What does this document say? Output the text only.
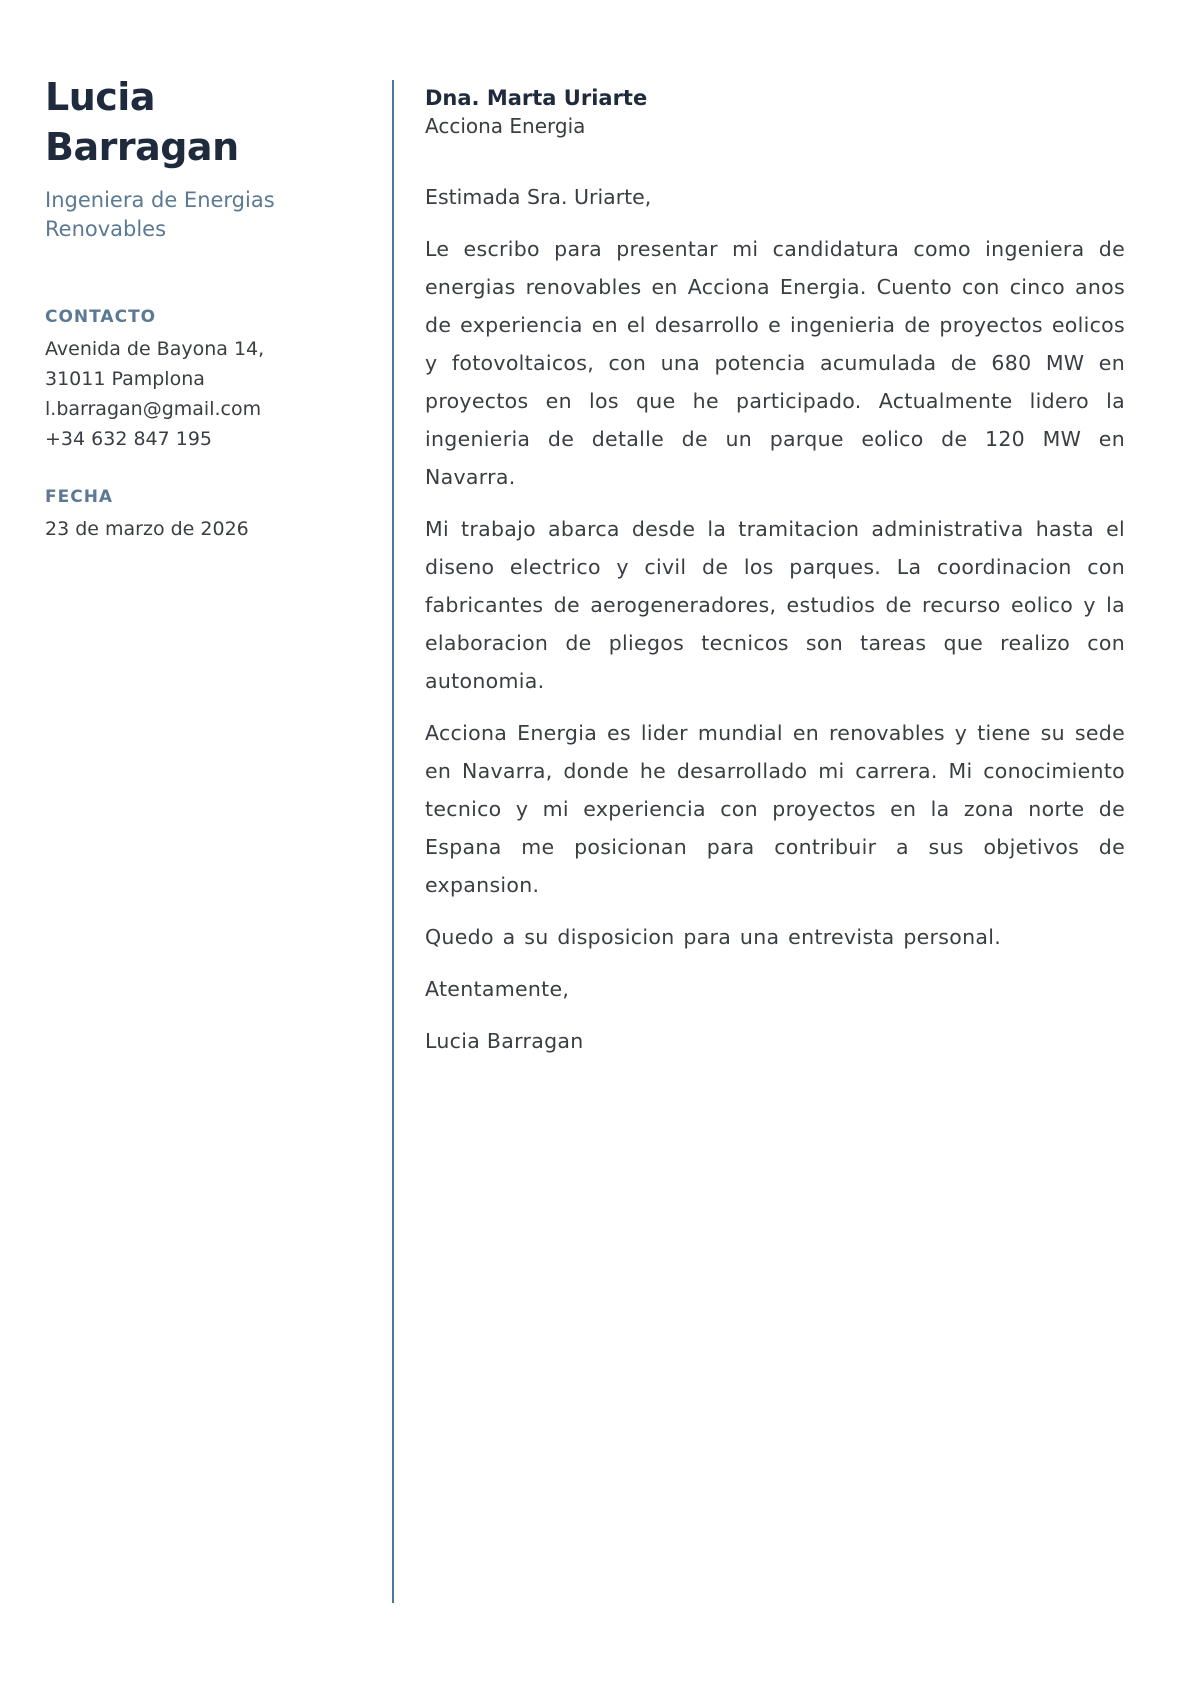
Lucia Barragan

Ingeniera de Energias Renovables

CONTACTO

Avenida de Bayona 14, 31011 Pamplona

l.barragan@gmail.com

+34 632 847 195

FECHA

23 de marzo de 2026

Dna. Marta Uriarte

Acciona Energia

Estimada Sra. Uriarte,

Le escribo para presentar mi candidatura como ingeniera de energias renovables en Acciona Energia. Cuento con cinco anos de experiencia en el desarrollo e ingenieria de proyectos eolicos y fotovoltaicos, con una potencia acumulada de 680 MW en proyectos en los que he participado. Actualmente lidero la ingenieria de detalle de un parque eolico de 120 MW en Navarra.

Mi trabajo abarca desde la tramitacion administrativa hasta el diseno electrico y civil de los parques. La coordinacion con fabricantes de aerogeneradores, estudios de recurso eolico y la elaboracion de pliegos tecnicos son tareas que realizo con autonomia.

Acciona Energia es lider mundial en renovables y tiene su sede en Navarra, donde he desarrollado mi carrera. Mi conocimiento tecnico y mi experiencia con proyectos en la zona norte de Espana me posicionan para contribuir a sus objetivos de expansion.

Quedo a su disposicion para una entrevista personal.

Atentamente,

Lucia Barragan
